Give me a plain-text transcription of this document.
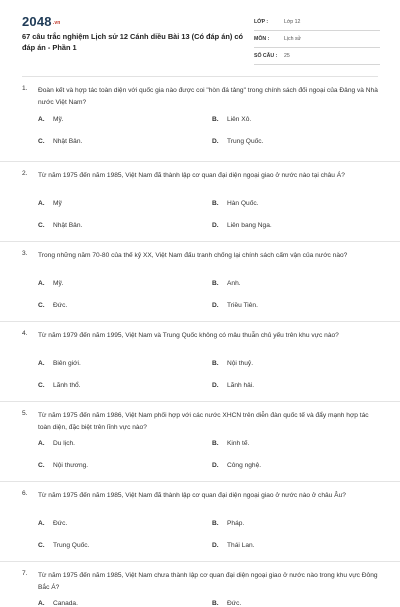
2048.vn
67 câu trắc nghiệm Lịch sử 12 Cánh diều Bài 13 (Có đáp án) có đáp án - Phần 1
LỚP :	Lớp 12
MÔN :	Lịch sử
SỐ CÂU : 25
1. Đoàn kết và hợp tác toàn diện với quốc gia nào được coi "hòn đá tảng" trong chính sách đối ngoại của Đảng và Nhà nước Việt Nam?
A. Mỹ.	B. Liên Xô.
C. Nhật Bản.	D. Trung Quốc.
2. Từ năm 1975 đến năm 1985, Việt Nam đã thành lập cơ quan đại diện ngoại giao ở nước nào tại châu Á?
A. Mỹ	B. Hàn Quốc.
C. Nhật Bản.	D. Liên bang Nga.
3. Trong những năm 70-80 của thế kỷ XX, Việt Nam đấu tranh chống lại chính sách cấm vận của nước nào?
A. Mỹ.	B. Anh.
C. Đức.	D. Triều Tiên.
4. Từ năm 1979 đến năm 1995, Việt Nam và Trung Quốc không có mâu thuẫn chủ yếu trên khu vực nào?
A. Biên giới.	B. Nội thuỷ.
C. Lãnh thổ.	D. Lãnh hải.
5. Từ năm 1975 đến năm 1986, Việt Nam phối hợp với các nước XHCN trên diễn đàn quốc tế và đẩy mạnh hợp tác toàn diện, đặc biệt trên lĩnh vực nào?
A. Du lịch.	B. Kinh tế.
C. Nội thương.	D. Công nghệ.
6. Từ năm 1975 đến năm 1985, Việt Nam đã thành lập cơ quan đại diện ngoại giao ở nước nào ở châu Âu?
A. Đức.	B. Pháp.
C. Trung Quốc.	D. Thái Lan.
7. Từ năm 1975 đến năm 1985, Việt Nam chưa thành lập cơ quan đại diện ngoại giao ở nước nào trong khu vực Đông Bắc Á?
A. Canada.	B. Đức.
